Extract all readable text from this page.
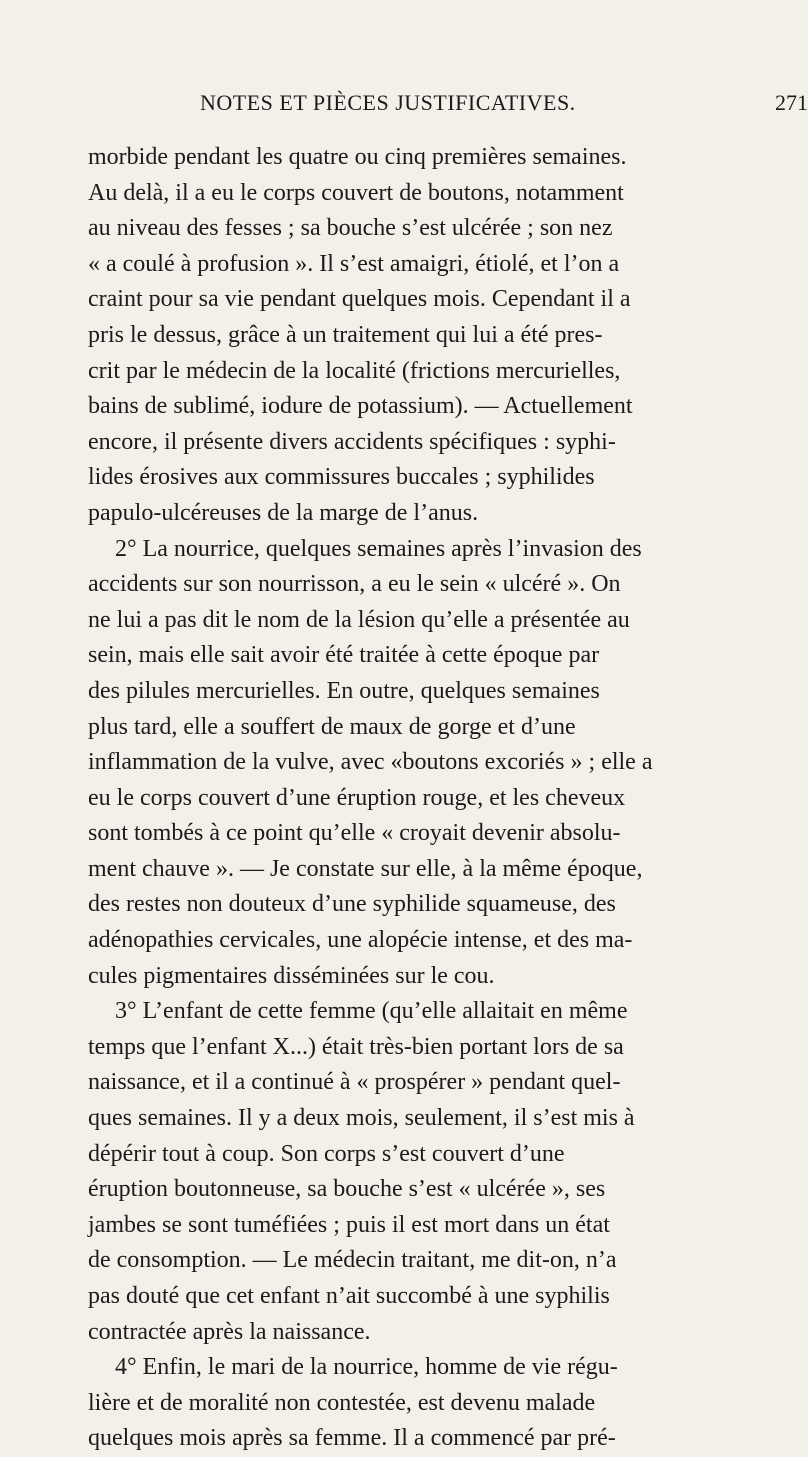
NOTES ET PIÈCES JUSTIFICATIVES.	271
morbide pendant les quatre ou cinq premières semaines.
Au delà, il a eu le corps couvert de boutons, notamment
au niveau des fesses ; sa bouche s’est ulcérée ; son nez
« a coulé à profusion ». Il s’est amaigri, étiolé, et l’on a
craint pour sa vie pendant quelques mois. Cependant il a
pris le dessus, grâce à un traitement qui lui a été pres-
crit par le médecin de la localité (frictions mercurielles,
bains de sublimé, iodure de potassium). — Actuellement
encore, il présente divers accidents spécifiques : syphi-
lides érosives aux commissures buccales ; syphilides
papulo-ulcéreuses de la marge de l’anus.
2° La nourrice, quelques semaines après l’invasion des
accidents sur son nourrisson, a eu le sein « ulcéré ». On
ne lui a pas dit le nom de la lésion qu’elle a présentée au
sein, mais elle sait avoir été traitée à cette époque par
des pilules mercurielles. En outre, quelques semaines
plus tard, elle a souffert de maux de gorge et d’une
inflammation de la vulve, avec «boutons excoriés » ; elle a
eu le corps couvert d’une éruption rouge, et les cheveux
sont tombés à ce point qu’elle « croyait devenir absolu-
ment chauve ». — Je constate sur elle, à la même époque,
des restes non douteux d’une syphilide squameuse, des
adénopathies cervicales, une alopécie intense, et des ma-
cules pigmentaires disséminées sur le cou.
3° L’enfant de cette femme (qu’elle allaitait en même
temps que l’enfant X...) était très-bien portant lors de sa
naissance, et il a continué à « prospérer » pendant quel-
ques semaines. Il y a deux mois, seulement, il s’est mis à
dépérir tout à coup. Son corps s’est couvert d’une
éruption boutonneuse, sa bouche s’est « ulcérée », ses
jambes se sont tuméfiées ; puis il est mort dans un état
de consomption. — Le médecin traitant, me dit-on, n’a
pas douté que cet enfant n’ait succombé à une syphilis
contractée après la naissance.
4° Enfin, le mari de la nourrice, homme de vie régu-
lière et de moralité non contestée, est devenu malade
quelques mois après sa femme. Il a commencé par pré-
